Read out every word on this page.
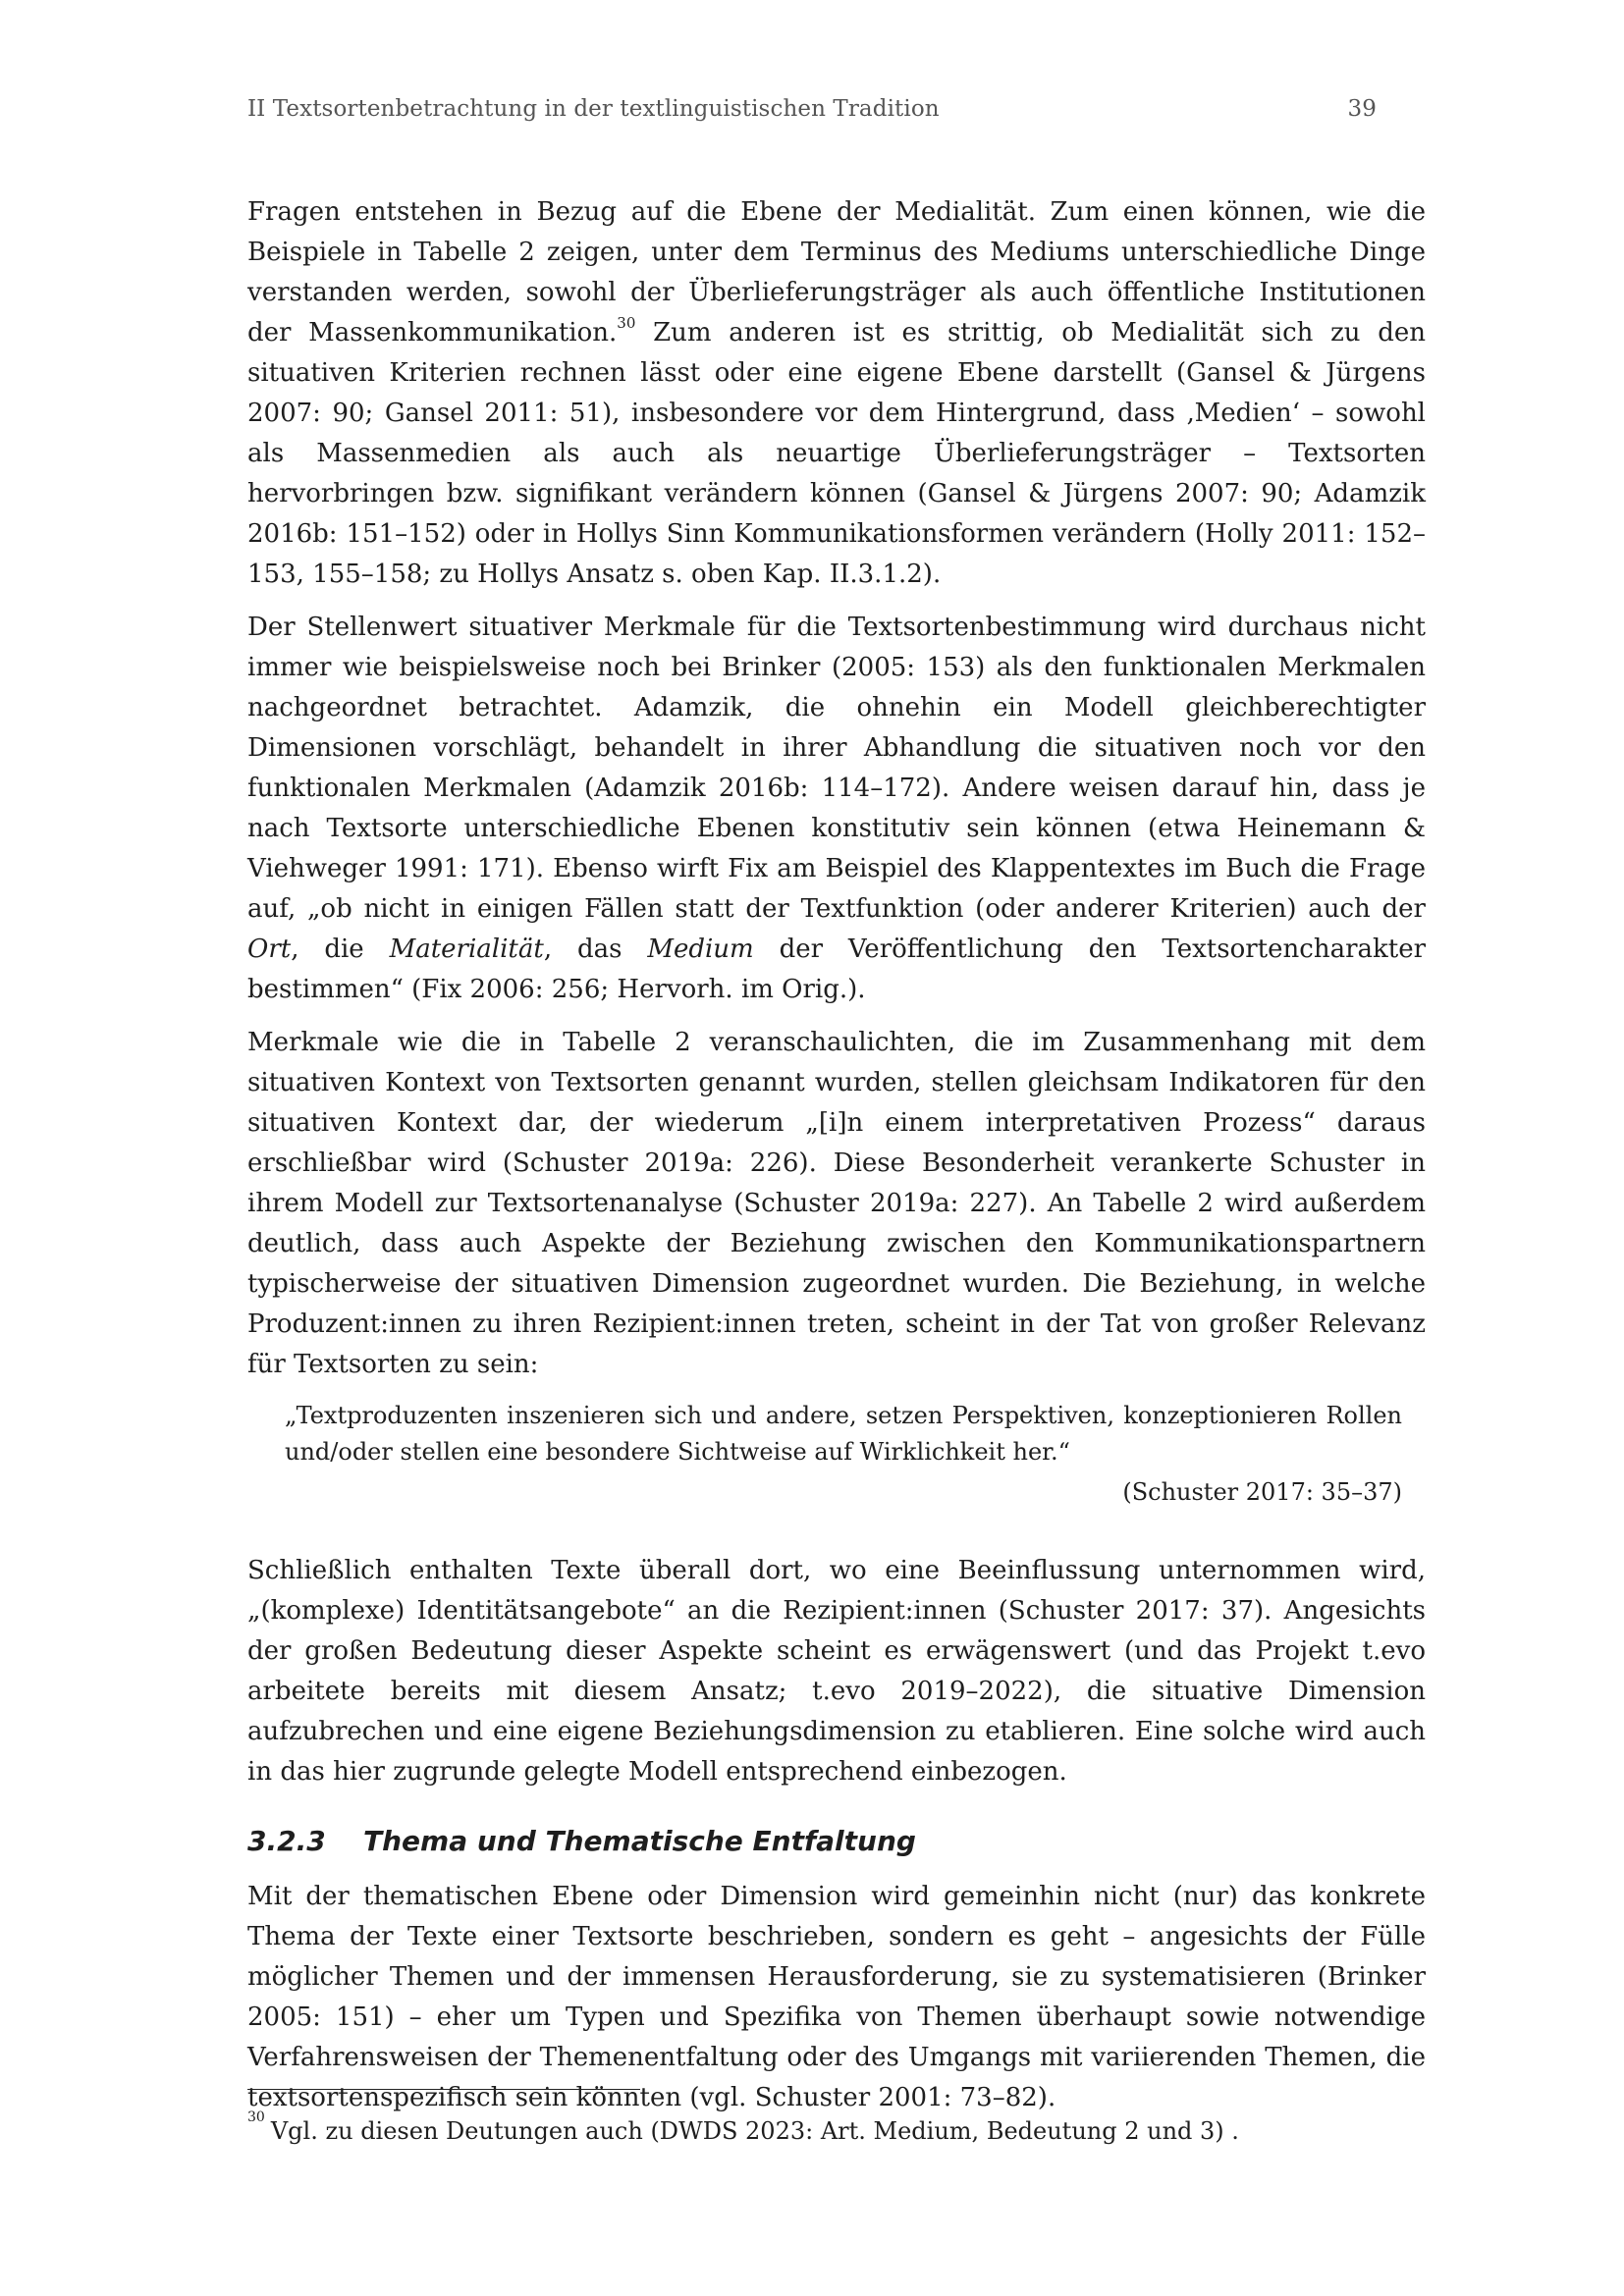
II Textsortenbetrachtung in der textlinguistischen Tradition	39

Fragen entstehen in Bezug auf die Ebene der Medialität. Zum einen können, wie die Beispiele in Tabelle 2 zeigen, unter dem Terminus des Mediums unterschiedliche Dinge verstanden werden, sowohl der Überlieferungsträger als auch öffentliche Institutionen der Massenkommunikation.$^{30}$ Zum anderen ist es strittig, ob Medialität sich zu den situativen Kriterien rechnen lässt oder eine eigene Ebene darstellt (Gansel & Jürgens 2007: 90; Gansel 2011: 51), insbesondere vor dem Hintergrund, dass ‚Medien‘ – sowohl als Massenmedien als auch als neuartige Überlieferungsträger – Textsorten hervorbringen bzw. signifikant verändern können (Gansel & Jürgens 2007: 90; Adamzik 2016b: 151–152) oder in Hollys Sinn Kommunikationsformen verändern (Holly 2011: 152–153, 155–158; zu Hollys Ansatz s. oben Kap. II.3.1.2).

Der Stellenwert situativer Merkmale für die Textsortenbestimmung wird durchaus nicht immer wie beispielsweise noch bei Brinker (2005: 153) als den funktionalen Merkmalen nachgeordnet betrachtet. Adamzik, die ohnehin ein Modell gleichberechtigter Dimensionen vorschlägt, behandelt in ihrer Abhandlung die situativen noch vor den funktionalen Merkmalen (Adamzik 2016b: 114–172). Andere weisen darauf hin, dass je nach Textsorte unterschiedliche Ebenen konstitutiv sein können (etwa Heinemann & Viehweger 1991: 171). Ebenso wirft Fix am Beispiel des Klappentextes im Buch die Frage auf, „ob nicht in einigen Fällen statt der Textfunktion (oder anderer Kriterien) auch der Ort, die Materialität, das Medium der Veröffentlichung den Textsortencharakter bestimmen“ (Fix 2006: 256; Hervorh. im Orig.).

Merkmale wie die in Tabelle 2 veranschaulichten, die im Zusammenhang mit dem situativen Kontext von Textsorten genannt wurden, stellen gleichsam Indikatoren für den situativen Kontext dar, der wiederum „[i]n einem interpretativen Prozess“ daraus erschließbar wird (Schuster 2019a: 226). Diese Besonderheit verankerte Schuster in ihrem Modell zur Textsortenanalyse (Schuster 2019a: 227). An Tabelle 2 wird außerdem deutlich, dass auch Aspekte der Beziehung zwischen den Kommunikationspartnern typischerweise der situativen Dimension zugeordnet wurden. Die Beziehung, in welche Produzent:innen zu ihren Rezipient:innen treten, scheint in der Tat von großer Relevanz für Textsorten zu sein:

„Textproduzenten inszenieren sich und andere, setzen Perspektiven, konzeptionieren Rollen und/oder stellen eine besondere Sichtweise auf Wirklichkeit her.“
(Schuster 2017: 35–37)

Schließlich enthalten Texte überall dort, wo eine Beeinflussung unternommen wird, „(komplexe) Identitätsangebote“ an die Rezipient:innen (Schuster 2017: 37). Angesichts der großen Bedeutung dieser Aspekte scheint es erwägenswert (und das Projekt t.evo arbeitete bereits mit diesem Ansatz; t.evo 2019–2022), die situative Dimension aufzubrechen und eine eigene Beziehungsdimension zu etablieren. Eine solche wird auch in das hier zugrunde gelegte Modell entsprechend einbezogen.

3.2.3	Thema und Thematische Entfaltung

Mit der thematischen Ebene oder Dimension wird gemeinhin nicht (nur) das konkrete Thema der Texte einer Textsorte beschrieben, sondern es geht – angesichts der Fülle möglicher Themen und der immensen Herausforderung, sie zu systematisieren (Brinker 2005: 151) – eher um Typen und Spezifika von Themen überhaupt sowie notwendige Verfahrensweisen der Themenentfaltung oder des Umgangs mit variierenden Themen, die textsortenspezifisch sein könnten (vgl. Schuster 2001: 73–82).

$^{30}$ Vgl. zu diesen Deutungen auch (DWDS 2023: Art. Medium, Bedeutung 2 und 3) .
